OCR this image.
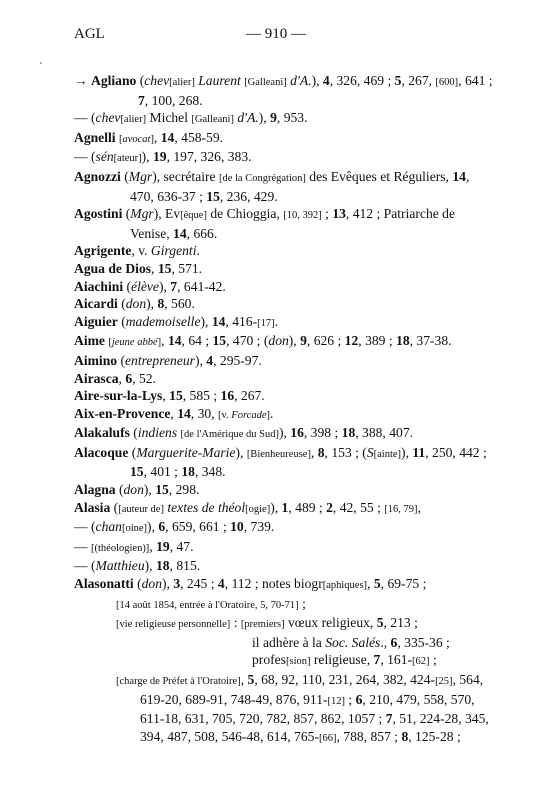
AGL	— 910 —

→ Agliano (chev[alier] Laurent [Galleani] d'A.), 4, 326, 469 ; 5, 267, [600], 641 ; 7, 100, 268.

— (chev[alier] Michel [Galleani] d'A.), 9, 953.

Agnelli [avocat], 14, 458-59.

— (sén[ateur]), 19, 197, 326, 383.

Agnozzi (Mgr), secrétaire [de la Congrégation] des Evêques et Réguliers, 14, 470, 636-37 ; 15, 236, 429.

Agostini (Mgr), Ev[êque] de Chioggia, [10, 392] ; 13, 412 ; Patriarche de Venise, 14, 666.

Agrigente, v. Girgenti.

Agua de Dios, 15, 571.

Aiachini (élève), 7, 641-42.

Aicardi (don), 8, 560.

Aiguier (mademoiselle), 14, 416-[17].

Aime [jeune abbé], 14, 64 ; 15, 470 ; (don), 9, 626 ; 12, 389 ; 18, 37-38.

Aimino (entrepreneur), 4, 295-97.

Airasca, 6, 52.

Aire-sur-la-Lys, 15, 585 ; 16, 267.

Aix-en-Provence, 14, 30, [v. Forcade].

Alakalufs (indiens [de l'Amérique du Sud]), 16, 398 ; 18, 388, 407.

Alacoque (Marguerite-Marie), [Bienheureuse], 8, 153 ; (S[ainte]), 11, 250, 442 ; 15, 401 ; 18, 348.

Alagna (don), 15, 298.

Alasia ([auteur de] textes de théol[ogie]), 1, 489 ; 2, 42, 55 ; [16, 79],

— (chan[oine]), 6, 659, 661 ; 10, 739.

— [(théologien)], 19, 47.

— (Matthieu), 18, 815.

Alasonatti (don), 3, 245 ; 4, 112 ; notes biogr[aphiques], 5, 69-75 ;

[14 août 1854, entrée à l'Oratoire, 5, 70-71] ;

[vie religieuse personnelle] : [premiers] vœux religieux, 5, 213 ;

il adhère à la Soc. Salés., 6, 335-36 ;

profes[sion] religieuse, 7, 161-[62] ;

[charge de Préfet à l'Oratoire], 5, 68, 92, 110, 231, 264, 382, 424-[25], 564, 619-20, 689-91, 748-49, 876, 911-[12] ; 6, 210, 479, 558, 570, 611-18, 631, 705, 720, 782, 857, 862, 1057 ; 7, 51, 224-28, 345, 394, 487, 508, 546-48, 614, 765-[66], 788, 857 ; 8, 125-28 ;
